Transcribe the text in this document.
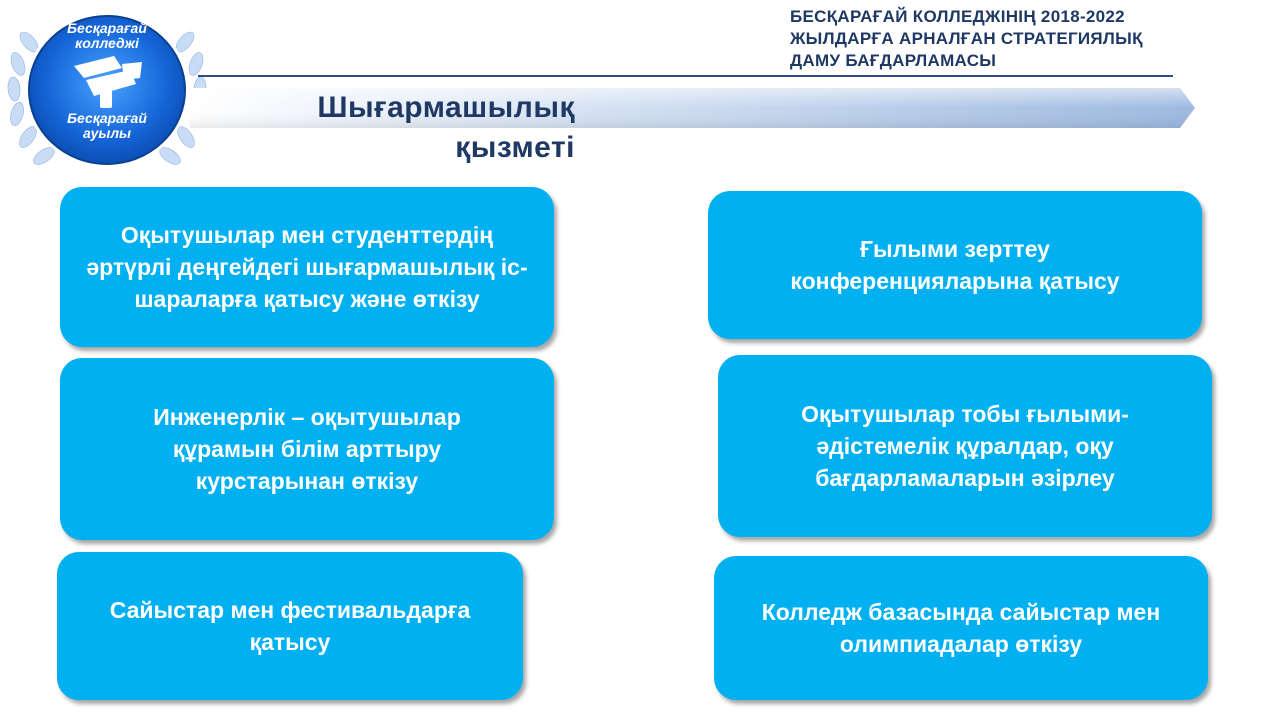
Бесқарағай
колледжі
Бесқарағай
ауылы
БЕСҚАРАҒАЙ КОЛЛЕДЖІНІҢ 2018-2022
ЖЫЛДАРҒА АРНАЛҒАН СТРАТЕГИЯЛЫҚ
ДАМУ БАҒДАРЛАМАСЫ
Шығармашылық қызметі
Оқытушылар мен студенттердің әртүрлі деңгейдегі шығармашылық іс-шараларға қатысу және өткізу
Инженерлік – оқытушылар құрамын білім арттыру курстарынан өткізу
Сайыстар мен фестивальдарға қатысу
Ғылыми зерттеу конференцияларына қатысу
Оқытушылар тобы ғылыми-әдістемелік құралдар, оқу бағдарламаларын әзірлеу
Колледж базасында сайыстар мен олимпиадалар өткізу
